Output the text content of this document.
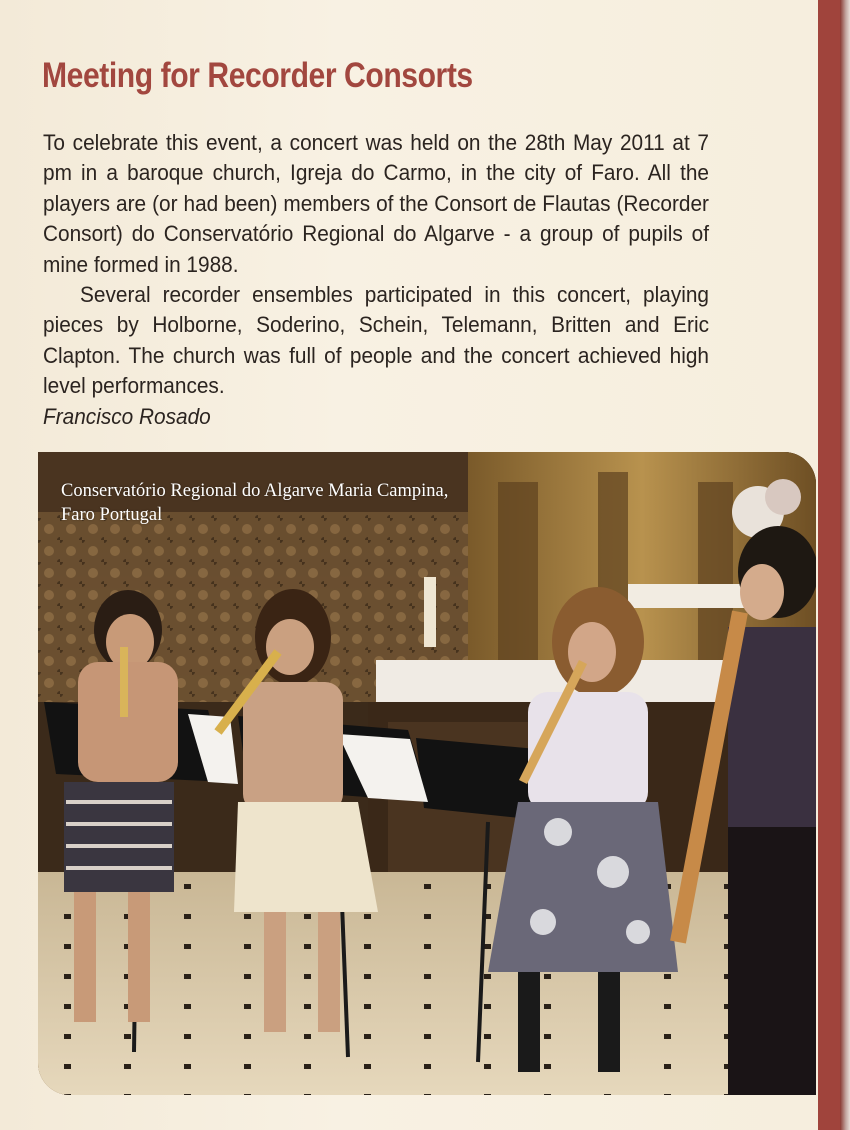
Meeting for Recorder Consorts

To celebrate this event, a concert was held on the 28th May 2011 at 7 pm in a baroque church, Igreja do Carmo, in the city of Faro. All the players are (or had been) members of the Consort de Flautas (Recorder Consort) do Conservatório Regional do Algarve - a group of pupils of mine formed in 1988.

Several recorder ensembles participated in this concert, playing pieces by Holborne, Soderino, Schein, Telemann, Britten and Eric Clapton. The church was full of people and the concert achieved high level performances.

Francisco Rosado

Conservatório Regional do Algarve Maria Campina,
Faro Portugal
